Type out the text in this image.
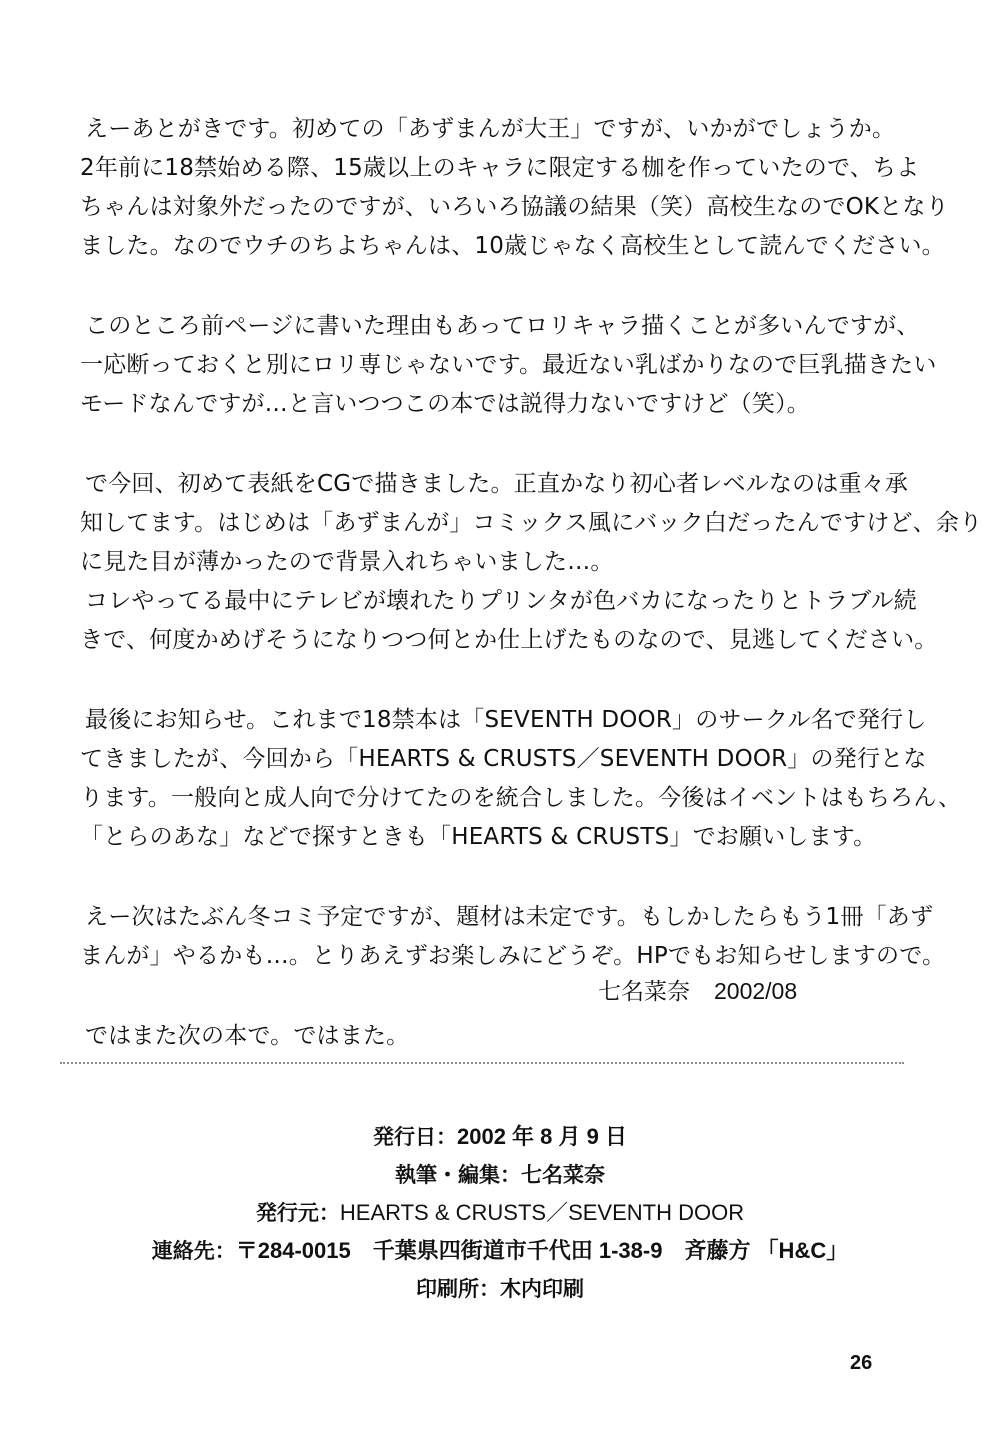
えーあとがきです。初めての「あずまんが大王」ですが、いかがでしょうか。
2年前に18禁始める際、15歳以上のキャラに限定する枷を作っていたので、ちよ
ちゃんは対象外だったのですが、いろいろ協議の結果（笑）高校生なのでOKとなり
ました。なのでウチのちよちゃんは、10歳じゃなく高校生として読んでください。
このところ前ページに書いた理由もあってロリキャラ描くことが多いんですが、
一応断っておくと別にロリ専じゃないです。最近ない乳ばかりなので巨乳描きたい
モードなんですが…と言いつつこの本では説得力ないですけど（笑）。
で今回、初めて表紙をCGで描きました。正直かなり初心者レベルなのは重々承
知してます。はじめは「あずまんが」コミックス風にバック白だったんですけど、余り
に見た目が薄かったので背景入れちゃいました…。
コレやってる最中にテレビが壊れたりプリンタが色バカになったりとトラブル続
きで、何度かめげそうになりつつ何とか仕上げたものなので、見逃してください。
最後にお知らせ。これまで18禁本は「SEVENTH DOOR」のサークル名で発行し
てきましたが、今回から「HEARTS & CRUSTS／SEVENTH DOOR」の発行とな
ります。一般向と成人向で分けてたのを統合しました。今後はイベントはもちろん、
「とらのあな」などで探すときも「HEARTS & CRUSTS」でお願いします。
えー次はたぶん冬コミ予定ですが、題材は未定です。もしかしたらもう1冊「あず
まんが」やるかも…。とりあえずお楽しみにどうぞ。HPでもお知らせしますので。
ではまた次の本で。ではまた。
七名菜奈 2002/08
発行日：2002 年 8 月 9 日
執筆・編集：七名菜奈
発行元：HEARTS & CRUSTS／SEVENTH DOOR
連絡先：〒284-0015　千葉県四街道市千代田 1-38-9　斉藤方 「H&C」
印刷所：木内印刷
26
